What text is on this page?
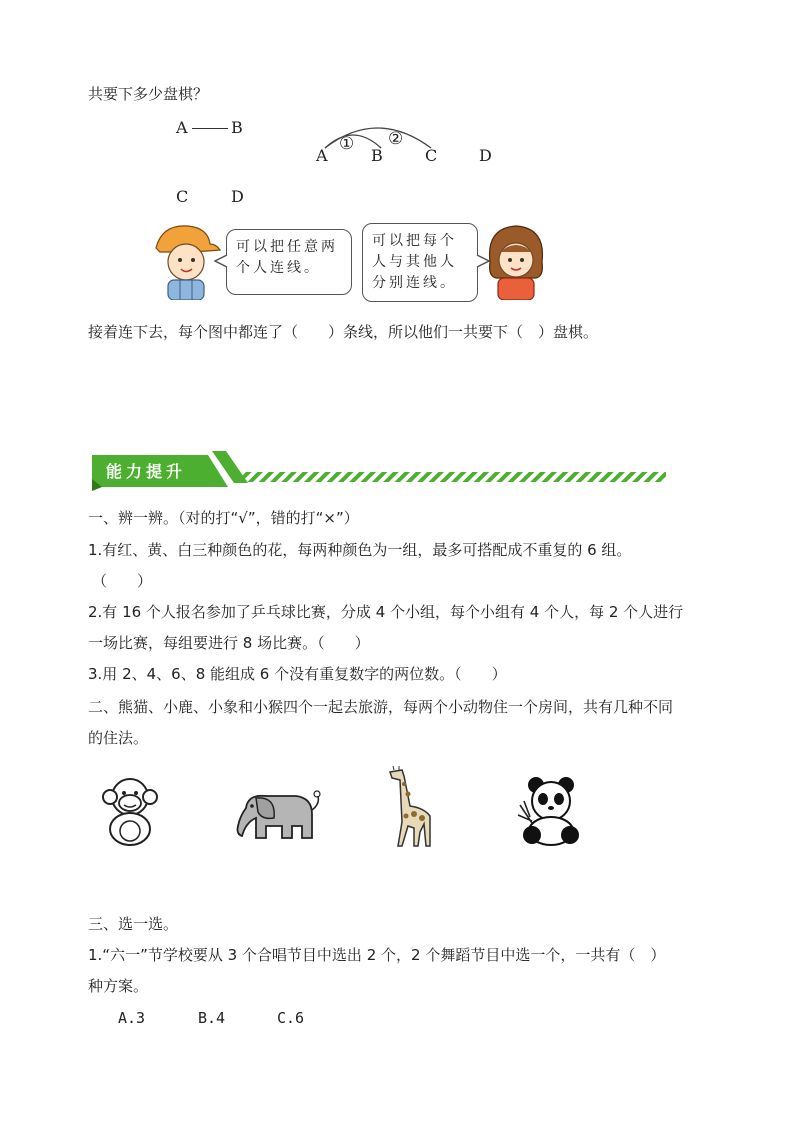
共要下多少盘棋？
A	B
C	D
A
①
B
②
C	D
可以把任意两个人连线。
可以把每个人与其他人分别连线。
接着连下去，每个图中都连了（　　）条线，所以他们一共要下（　）盘棋。
能力提升
一、辨一辨。（对的打“√”，错的打“×”）
1.有红、黄、白三种颜色的花，每两种颜色为一组，最多可搭配成不重复的 6 组。
（　　）
2.有 16 个人报名参加了乒乓球比赛，分成 4 个小组，每个小组有 4 个人，每 2 个人进行
一场比赛，每组要进行 8 场比赛。（　　）
3.用 2、4、6、8 能组成 6 个没有重复数字的两位数。（　　）
二、熊猫、小鹿、小象和小猴四个一起去旅游，每两个小动物住一个房间，共有几种不同
的住法。
三、选一选。
1.“六一”节学校要从 3 个合唱节目中选出 2 个，2 个舞蹈节目中选一个，一共有（　）
种方案。
A.3	B.4	C.6
